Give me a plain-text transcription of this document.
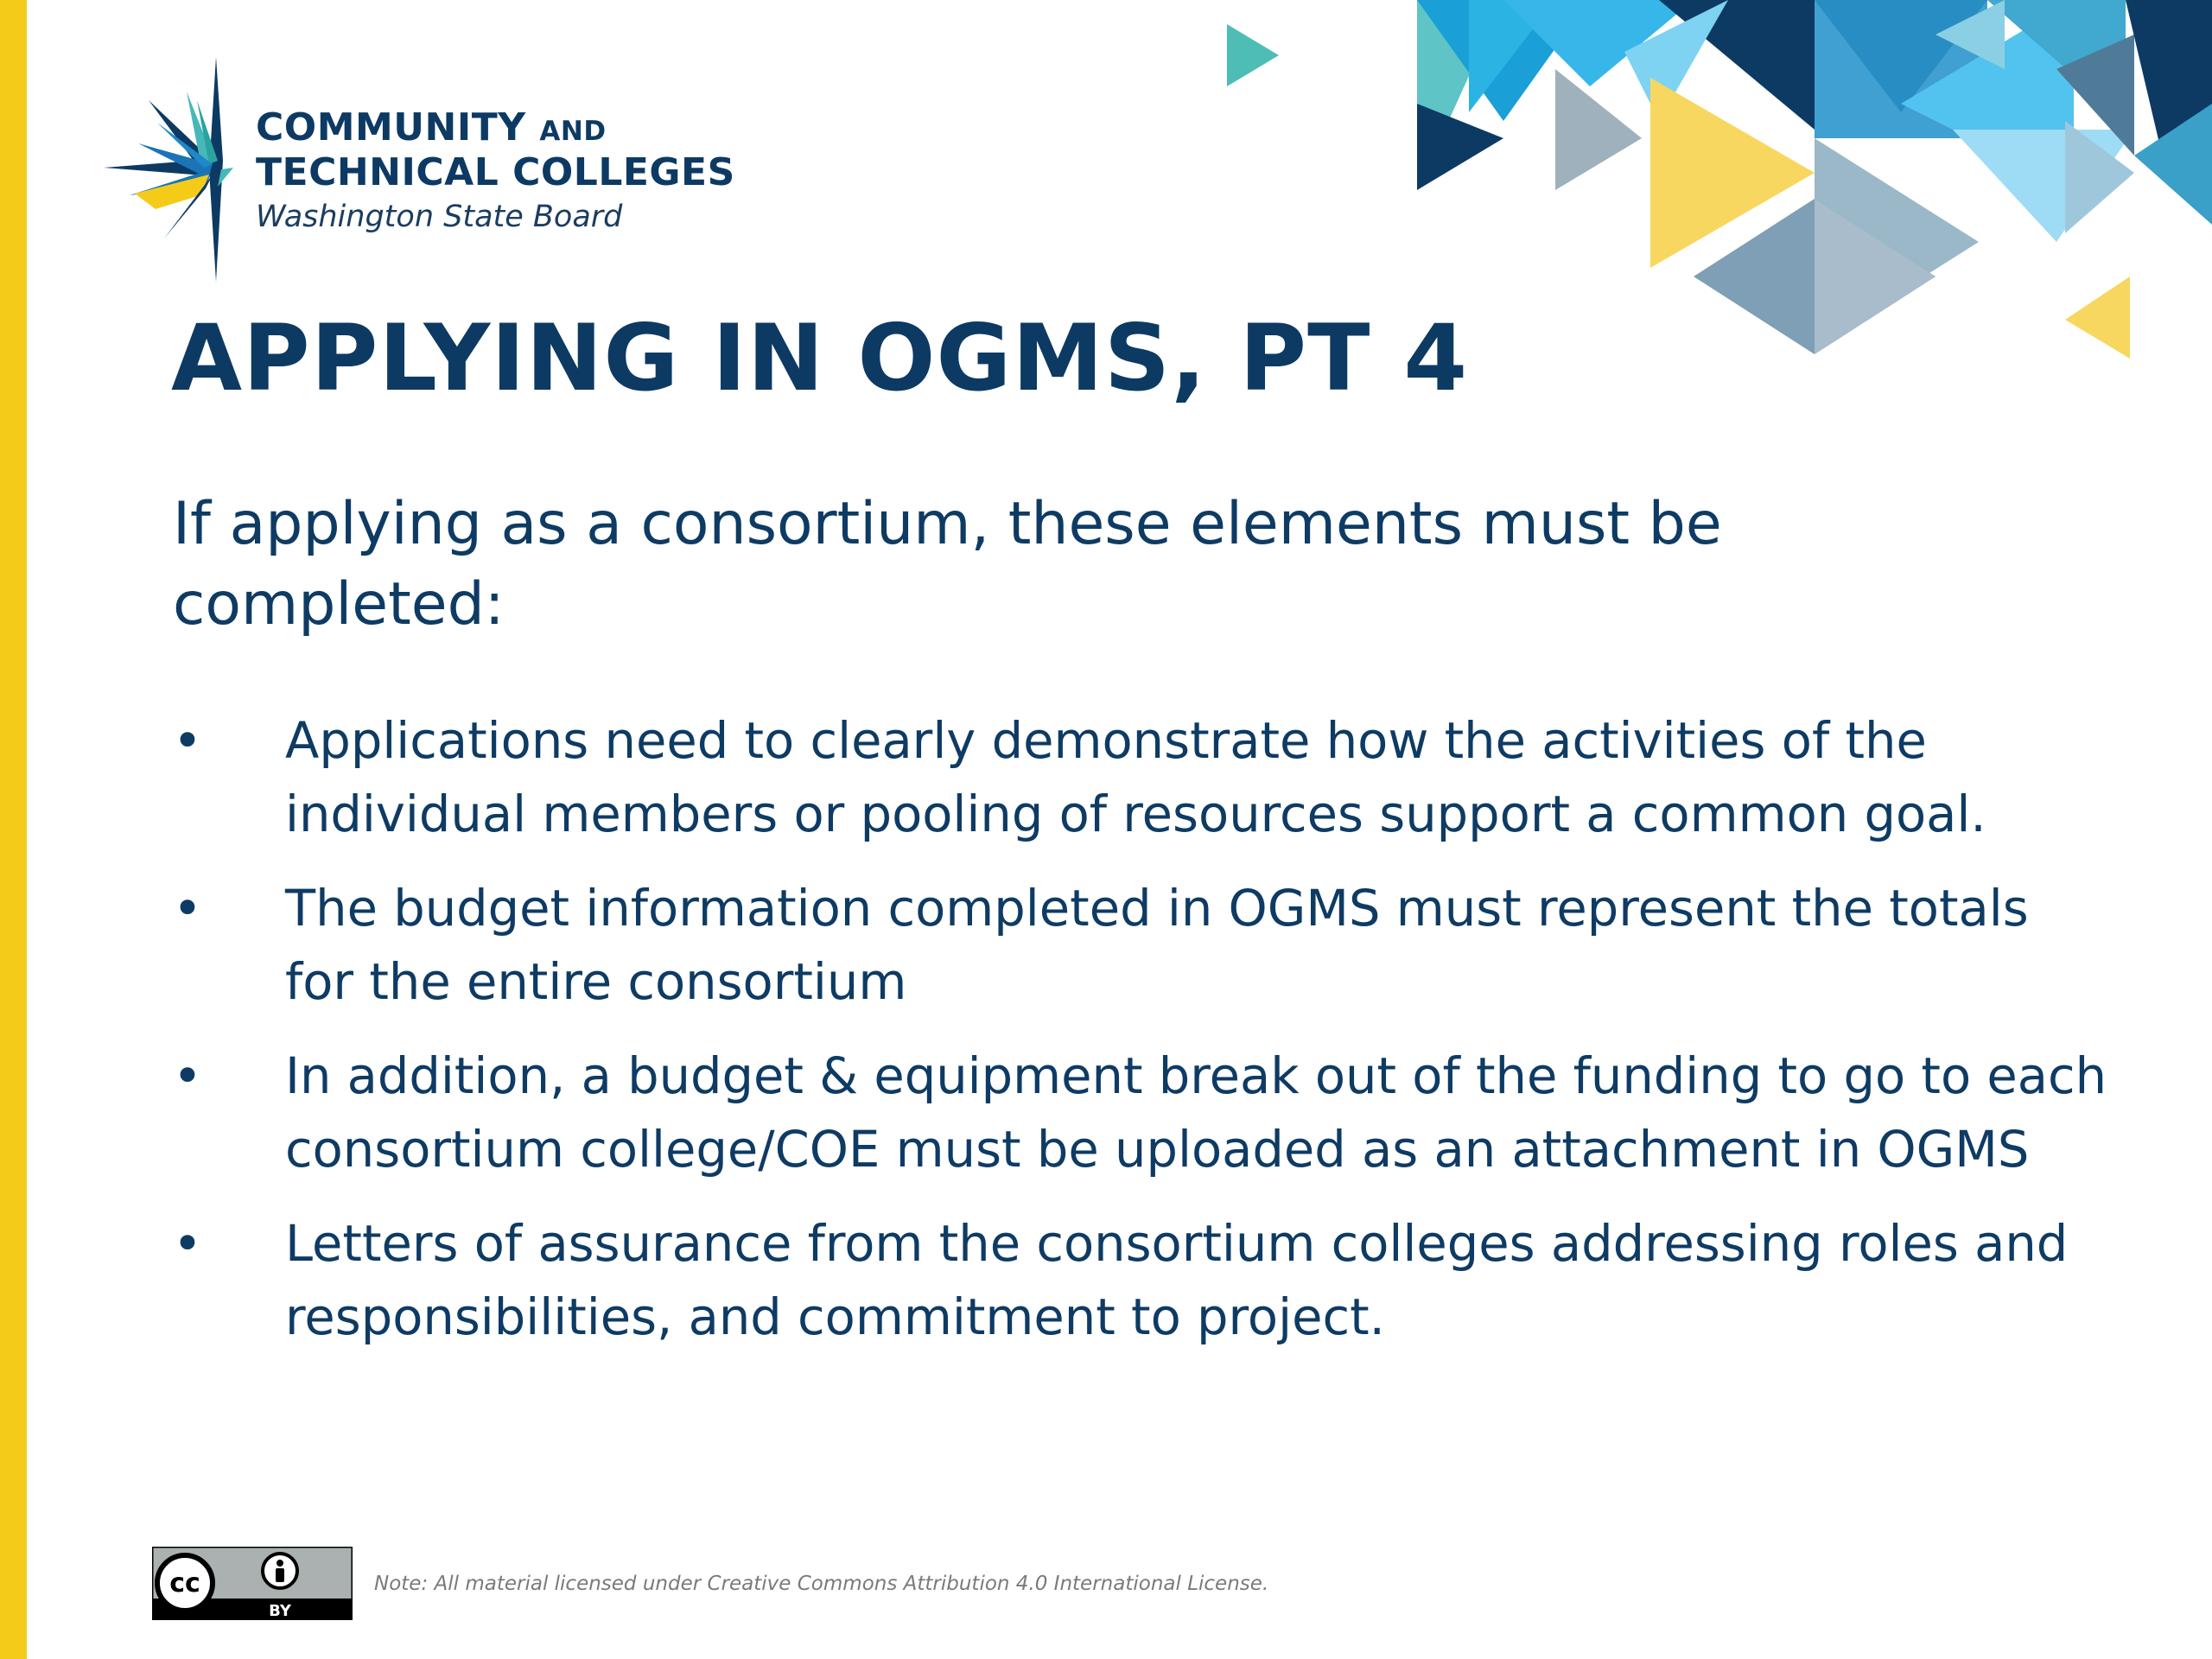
COMMUNITY AND
TECHNICAL COLLEGES
Washington State Board
APPLYING IN OGMS, PT 4
If applying as a consortium, these elements must be completed:
• Applications need to clearly demonstrate how the activities of the individual members or pooling of resources support a common goal.
• The budget information completed in OGMS must represent the totals for the entire consortium
• In addition, a budget & equipment break out of the funding to go to each consortium college/COE must be uploaded as an attachment in OGMS
• Letters of assurance from the consortium colleges addressing roles and responsibilities, and commitment to project.
cc
BY
Note: All material licensed under Creative Commons Attribution 4.0 International License.
